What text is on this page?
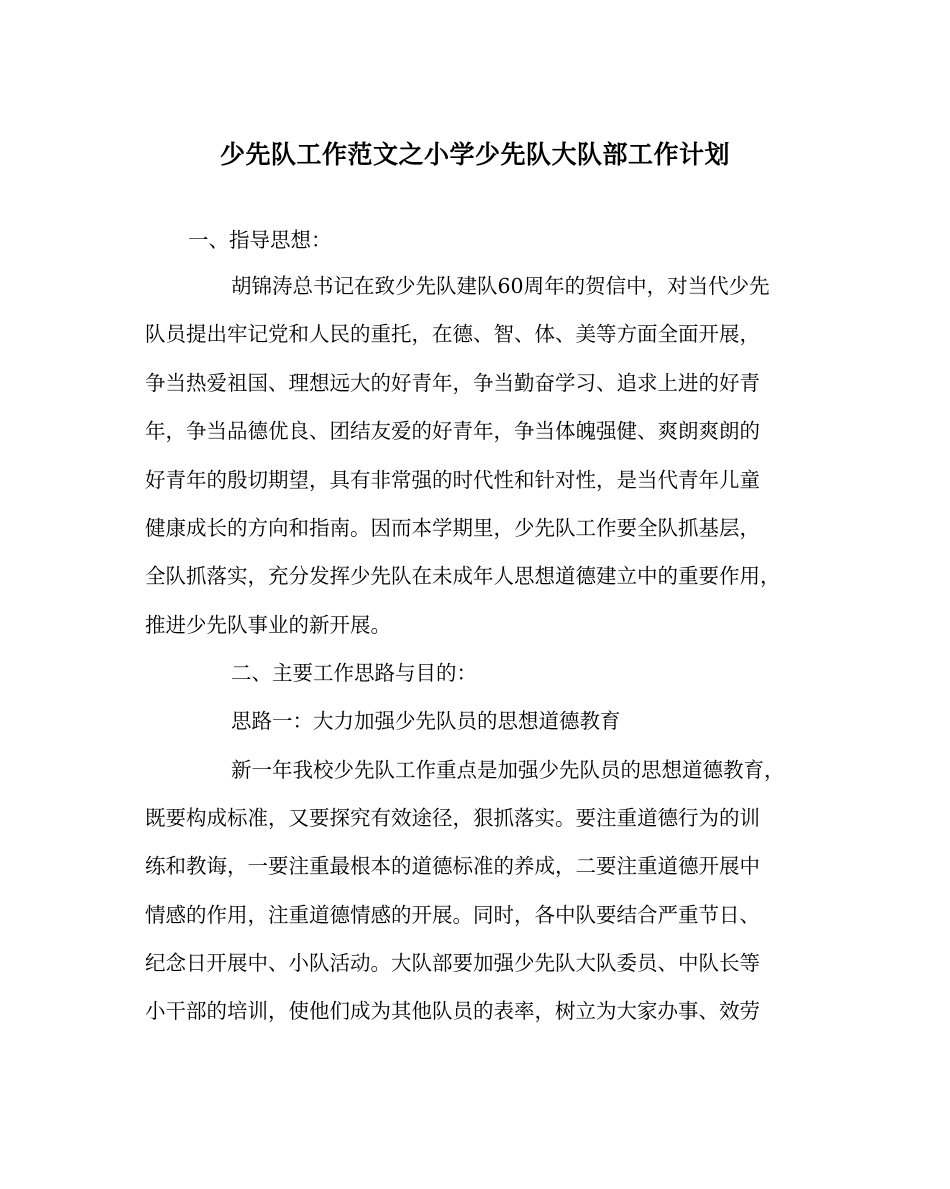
少先队工作范文之小学少先队大队部工作计划
一、指导思想：
胡锦涛总书记在致少先队建队60周年的贺信中，对当代少先
队员提出牢记党和人民的重托，在德、智、体、美等方面全面开展，
争当热爱祖国、理想远大的好青年，争当勤奋学习、追求上进的好青
年，争当品德优良、团结友爱的好青年，争当体魄强健、爽朗爽朗的
好青年的殷切期望，具有非常强的时代性和针对性，是当代青年儿童
健康成长的方向和指南。因而本学期里，少先队工作要全队抓基层，
全队抓落实，充分发挥少先队在未成年人思想道德建立中的重要作用，
推进少先队事业的新开展。
二、主要工作思路与目的：
思路一：大力加强少先队员的思想道德教育
新一年我校少先队工作重点是加强少先队员的思想道德教育，
既要构成标准，又要探究有效途径，狠抓落实。要注重道德行为的训
练和教诲，一要注重最根本的道德标准的养成，二要注重道德开展中
情感的作用，注重道德情感的开展。同时，各中队要结合严重节日、
纪念日开展中、小队活动。大队部要加强少先队大队委员、中队长等
小干部的培训，使他们成为其他队员的表率，树立为大家办事、效劳
